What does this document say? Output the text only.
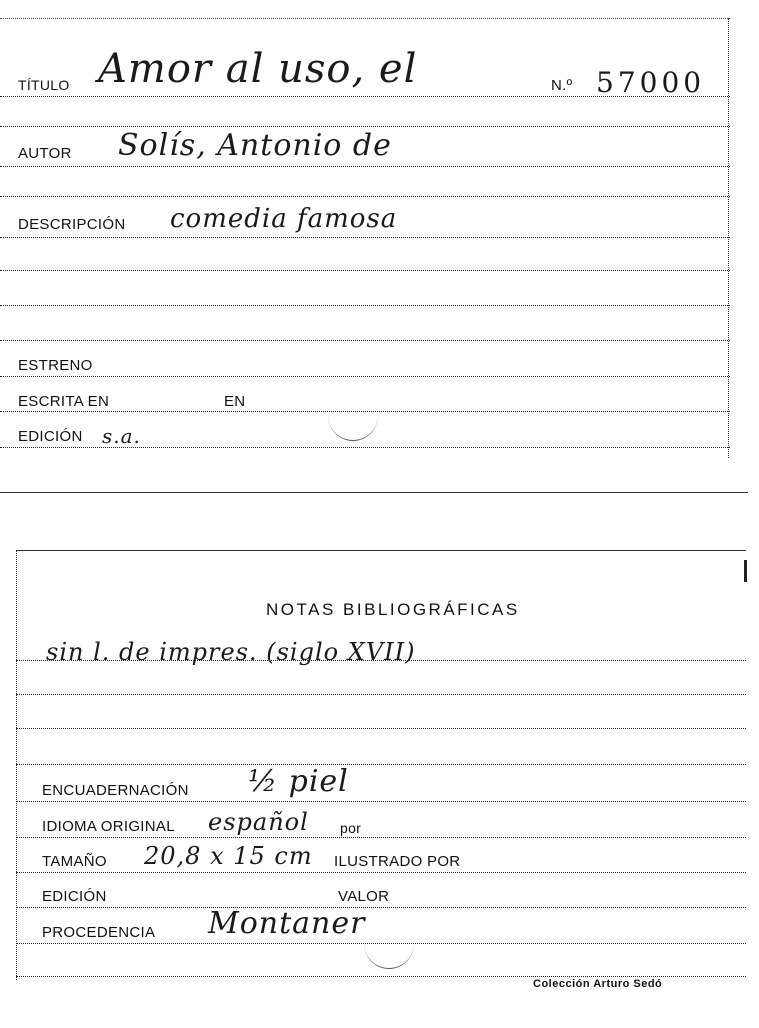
TÍTULO Amor al uso, el	N.º 57000
AUTOR Solís, Antonio de
DESCRIPCIÓN comedia famosa
ESTRENO
ESCRITA EN	EN
EDICIÓN s.a.
NOTAS BIBLIOGRÁFICAS
sin l. de impres. (siglo XVII)
ENCUADERNACIÓN ½ piel
IDIOMA ORIGINAL español por
TAMAÑO 20,8 x 15 cm ILUSTRADO POR
EDICIÓN	VALOR
PROCEDENCIA Montaner
Colección Arturo Sedó
